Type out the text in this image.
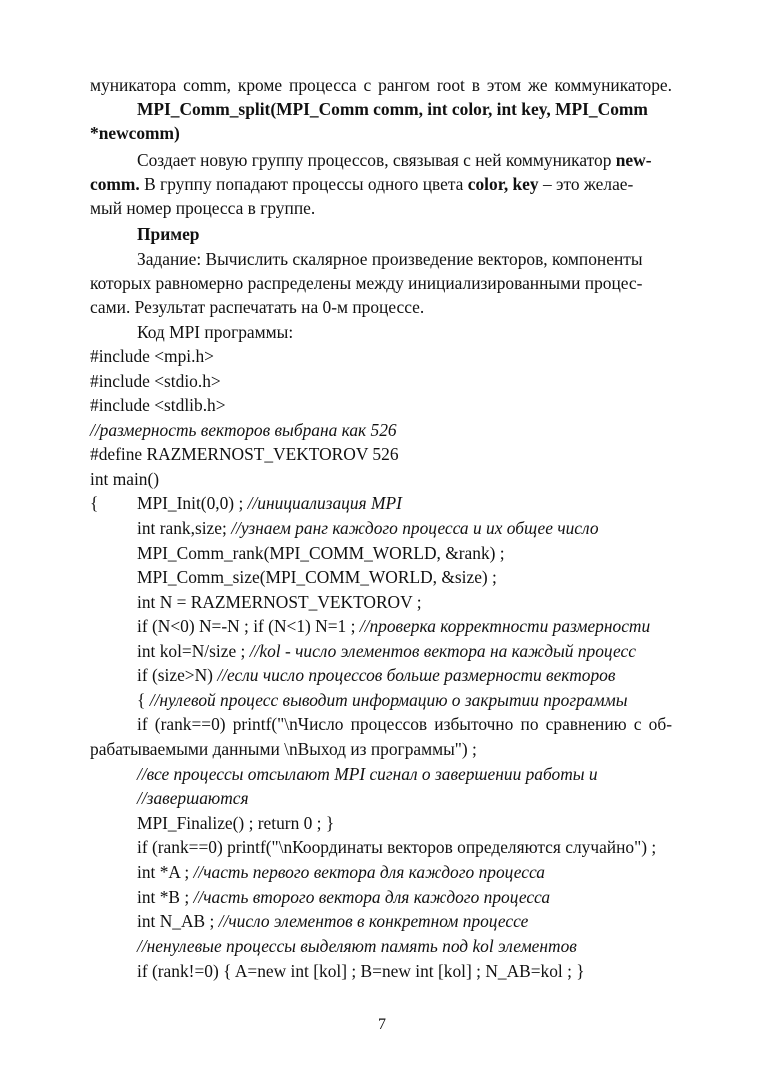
муникатора comm, кроме процесса с рангом root в этом же коммуникаторе.
MPI_Comm_split(MPI_Comm comm, int color, int key, MPI_Comm
*newcomm)
Создает новую группу процессов, связывая с ней коммуникатор new-
comm. В группу попадают процессы одного цвета color, key – это желае-
мый номер процесса в группе.
Пример
Задание: Вычислить скалярное произведение векторов, компоненты
которых равномерно распределены между инициализированными процес-
сами. Результат распечатать на 0-м процессе.
Код MPI программы:
#include <mpi.h>
#include <stdio.h>
#include <stdlib.h>
//размерность векторов выбрана как 526
#define RAZMERNOST_VEKTOROV 526
int main()
{	MPI_Init(0,0) ; //инициализация MPI
int rank,size; //узнаем ранг каждого процесса и их общее число
MPI_Comm_rank(MPI_COMM_WORLD, &rank) ;
MPI_Comm_size(MPI_COMM_WORLD, &size) ;
int N = RAZMERNOST_VEKTOROV ;
if (N<0) N=-N ; if (N<1) N=1 ; //проверка корректности размерности
int kol=N/size ; //kol - число элементов вектора на каждый процесс
if (size>N) //если число процессов больше размерности векторов
{ //нулевой процесс выводит информацию о закрытии программы
if (rank==0) printf("\nЧисло процессов избыточно по сравнению с об-
рабатываемыми данными \nВыход из программы") ;
//все процессы отсылают MPI сигнал о завершении работы и
//завершаются
MPI_Finalize() ; return 0 ; }
if (rank==0) printf("\nКоординаты векторов определяются случайно") ;
int *A ; //часть первого вектора для каждого процесса
int *B ; //часть второго вектора для каждого процесса
int N_AB ; //число элементов в конкретном процессе
//ненулевые процессы выделяют память под kol элементов
if (rank!=0) { A=new int [kol] ; B=new int [kol] ; N_AB=kol ; }
7
